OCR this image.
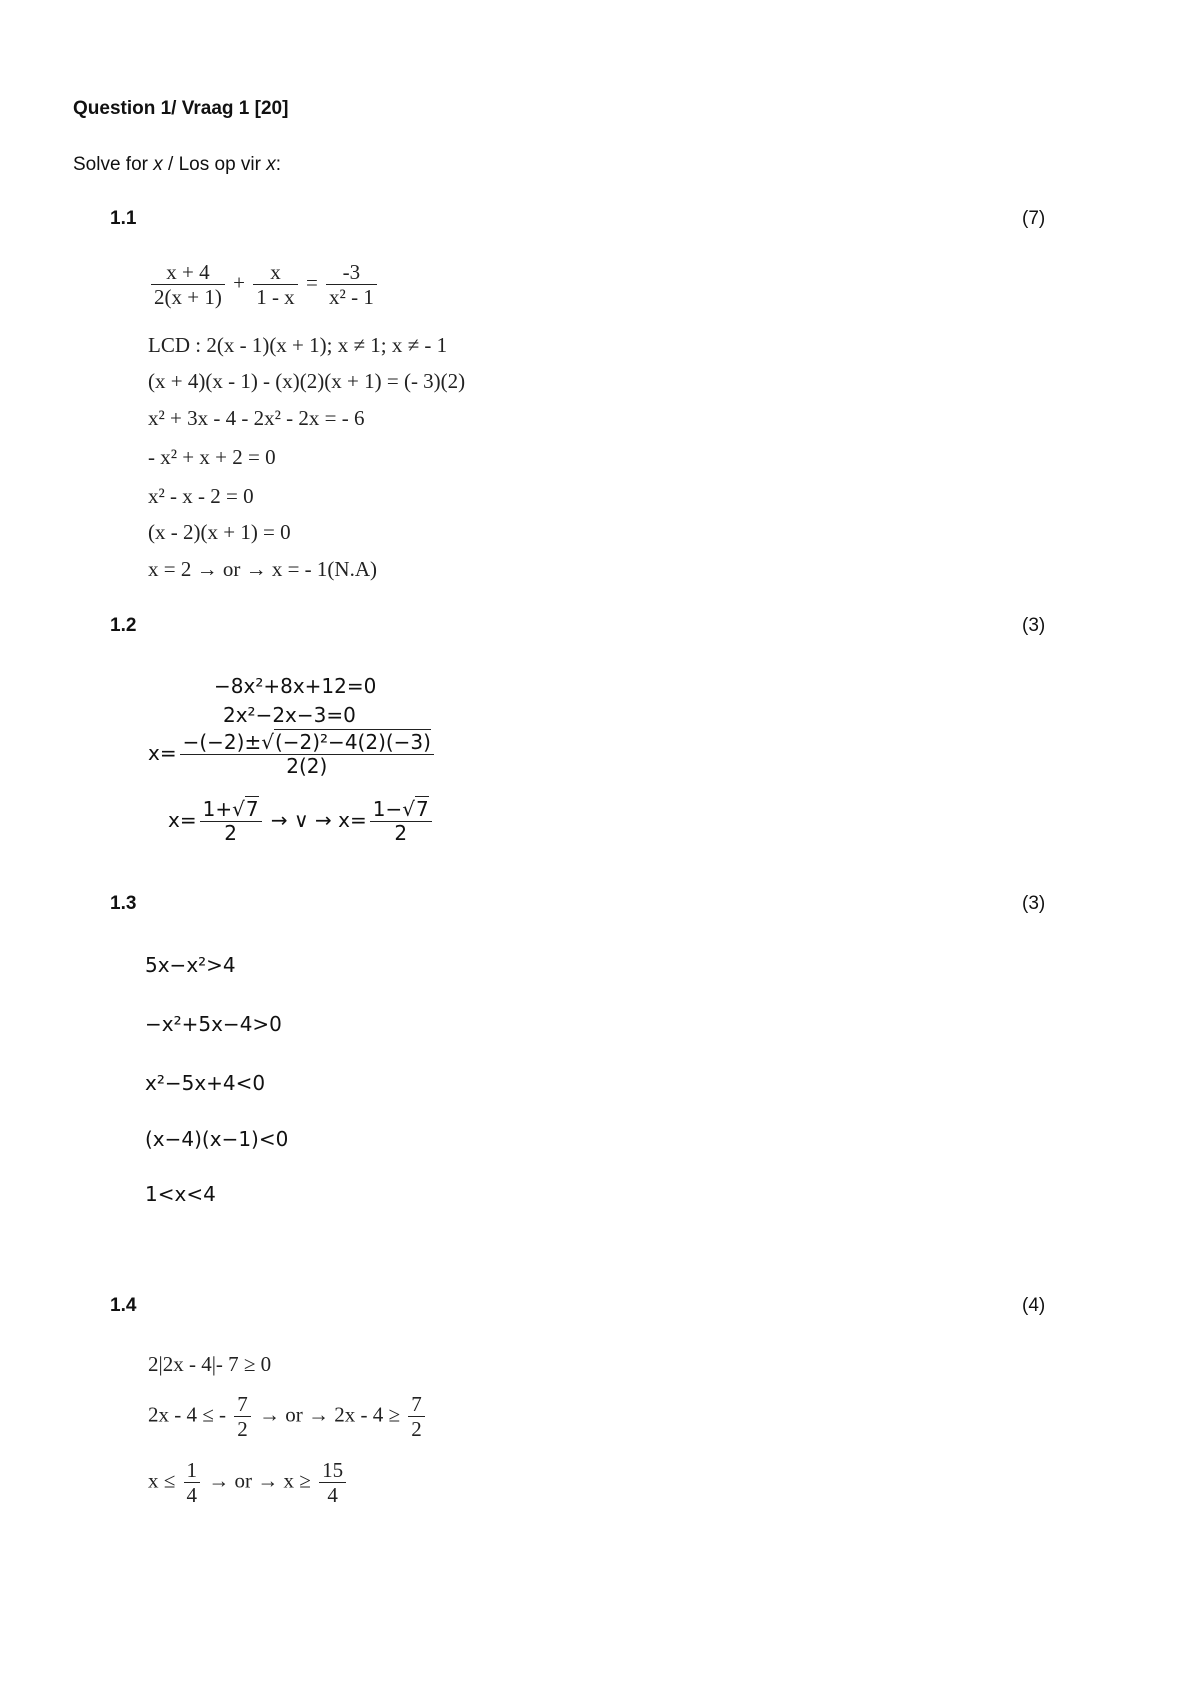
Question 1/ Vraag 1 [20]
Solve for x / Los op vir x:
1.1	(7)
$\frac{x + 4}{2(x + 1)} + \frac{x}{1 - x} = \frac{-3}{\text{x² - 1}}$
LCD : 2(x - 1)(x + 1); x ≠ 1; x ≠ - 1
(x + 4)(x - 1) - (x)(2)(x + 1) = (- 3)(2)
x² + 3x - 4 - 2x² - 2x = - 6
- x² + x + 2 = 0
x² - x - 2 = 0
(x - 2)(x + 1) = 0
x = 2 → or → x = - 1(N.A)
1.2	(3)
−8x²+8x+12=0
2x²−2x−3=0
$x= \frac{\text{−(−2)±√(−2)²−4(2)(−3)}}{2(2)}$
$x= \frac{1+√7}{2}$ → ∨ → $x= \frac{1-√7}{2}$
1.3	(3)
5x−x²>4
−x²+5x−4>0
x²−5x+4<0
(x−4)(x−1)<0
1<x<4
1.4	(4)
2|2x - 4|- 7 ≥ 0
2x - 4 ≤ - $\frac{7}{2}$ → or → $2x - 4 \ge \frac{7}{2}$
$x \le \frac{1}{4}$ → or → $x \ge \frac{15}{4}$
